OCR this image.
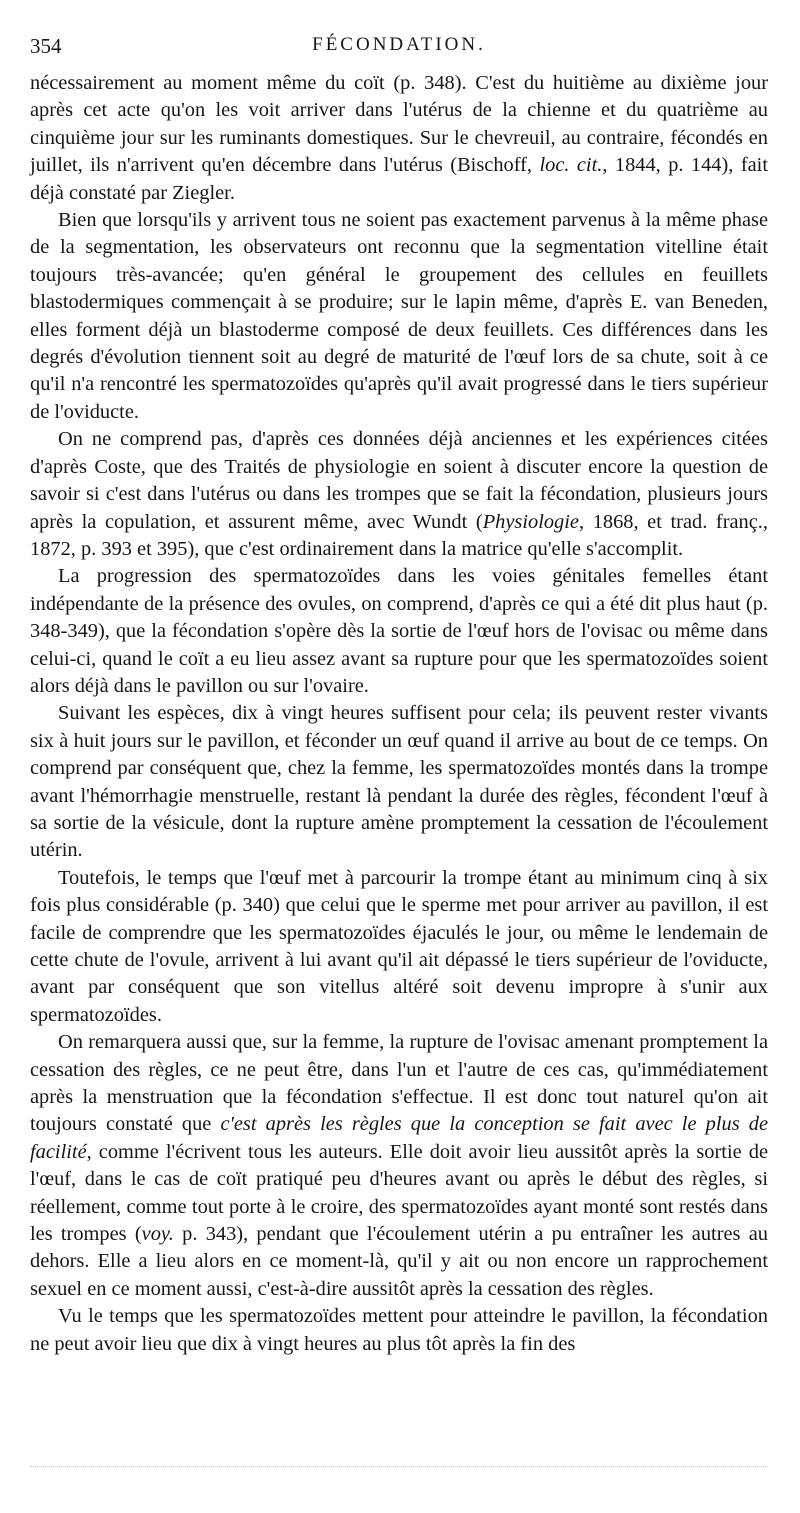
354	FÉCONDATION.

nécessairement au moment même du coït (p. 348). C'est du huitième au dixième jour après cet acte qu'on les voit arriver dans l'utérus de la chienne et du quatrième au cinquième jour sur les ruminants domestiques. Sur le chevreuil, au contraire, fécondés en juillet, ils n'arrivent qu'en décembre dans l'utérus (Bischoff, loc. cit., 1844, p. 144), fait déjà constaté par Ziegler.

Bien que lorsqu'ils y arrivent tous ne soient pas exactement parvenus à la même phase de la segmentation, les observateurs ont reconnu que la segmentation vitelline était toujours très-avancée; qu'en général le groupement des cellules en feuillets blastodermiques commençait à se produire; sur le lapin même, d'après E. van Beneden, elles forment déjà un blastoderme composé de deux feuillets. Ces différences dans les degrés d'évolution tiennent soit au degré de maturité de l'œuf lors de sa chute, soit à ce qu'il n'a rencontré les spermatozoïdes qu'après qu'il avait progressé dans le tiers supérieur de l'oviducte.

On ne comprend pas, d'après ces données déjà anciennes et les expériences citées d'après Coste, que des Traités de physiologie en soient à discuter encore la question de savoir si c'est dans l'utérus ou dans les trompes que se fait la fécondation, plusieurs jours après la copulation, et assurent même, avec Wundt (Physiologie, 1868, et trad. franç., 1872, p. 393 et 395), que c'est ordinairement dans la matrice qu'elle s'accomplit.

La progression des spermatozoïdes dans les voies génitales femelles étant indépendante de la présence des ovules, on comprend, d'après ce qui a été dit plus haut (p. 348-349), que la fécondation s'opère dès la sortie de l'œuf hors de l'ovisac ou même dans celui-ci, quand le coït a eu lieu assez avant sa rupture pour que les spermatozoïdes soient alors déjà dans le pavillon ou sur l'ovaire.

Suivant les espèces, dix à vingt heures suffisent pour cela; ils peuvent rester vivants six à huit jours sur le pavillon, et féconder un œuf quand il arrive au bout de ce temps. On comprend par conséquent que, chez la femme, les spermatozoïdes montés dans la trompe avant l'hémorrhagie menstruelle, restant là pendant la durée des règles, fécondent l'œuf à sa sortie de la vésicule, dont la rupture amène promptement la cessation de l'écoulement utérin.

Toutefois, le temps que l'œuf met à parcourir la trompe étant au minimum cinq à six fois plus considérable (p. 340) que celui que le sperme met pour arriver au pavillon, il est facile de comprendre que les spermatozoïdes éjaculés le jour, ou même le lendemain de cette chute de l'ovule, arrivent à lui avant qu'il ait dépassé le tiers supérieur de l'oviducte, avant par conséquent que son vitellus altéré soit devenu impropre à s'unir aux spermatozoïdes.

On remarquera aussi que, sur la femme, la rupture de l'ovisac amenant promptement la cessation des règles, ce ne peut être, dans l'un et l'autre de ces cas, qu'immédiatement après la menstruation que la fécondation s'effectue. Il est donc tout naturel qu'on ait toujours constaté que c'est après les règles que la conception se fait avec le plus de facilité, comme l'écrivent tous les auteurs. Elle doit avoir lieu aussitôt après la sortie de l'œuf, dans le cas de coït pratiqué peu d'heures avant ou après le début des règles, si réellement, comme tout porte à le croire, des spermatozoïdes ayant monté sont restés dans les trompes (voy. p. 343), pendant que l'écoulement utérin a pu entraîner les autres au dehors. Elle a lieu alors en ce moment-là, qu'il y ait ou non encore un rapprochement sexuel en ce moment aussi, c'est-à-dire aussitôt après la cessation des règles.

Vu le temps que les spermatozoïdes mettent pour atteindre le pavillon, la fécondation ne peut avoir lieu que dix à vingt heures au plus tôt après la fin des
